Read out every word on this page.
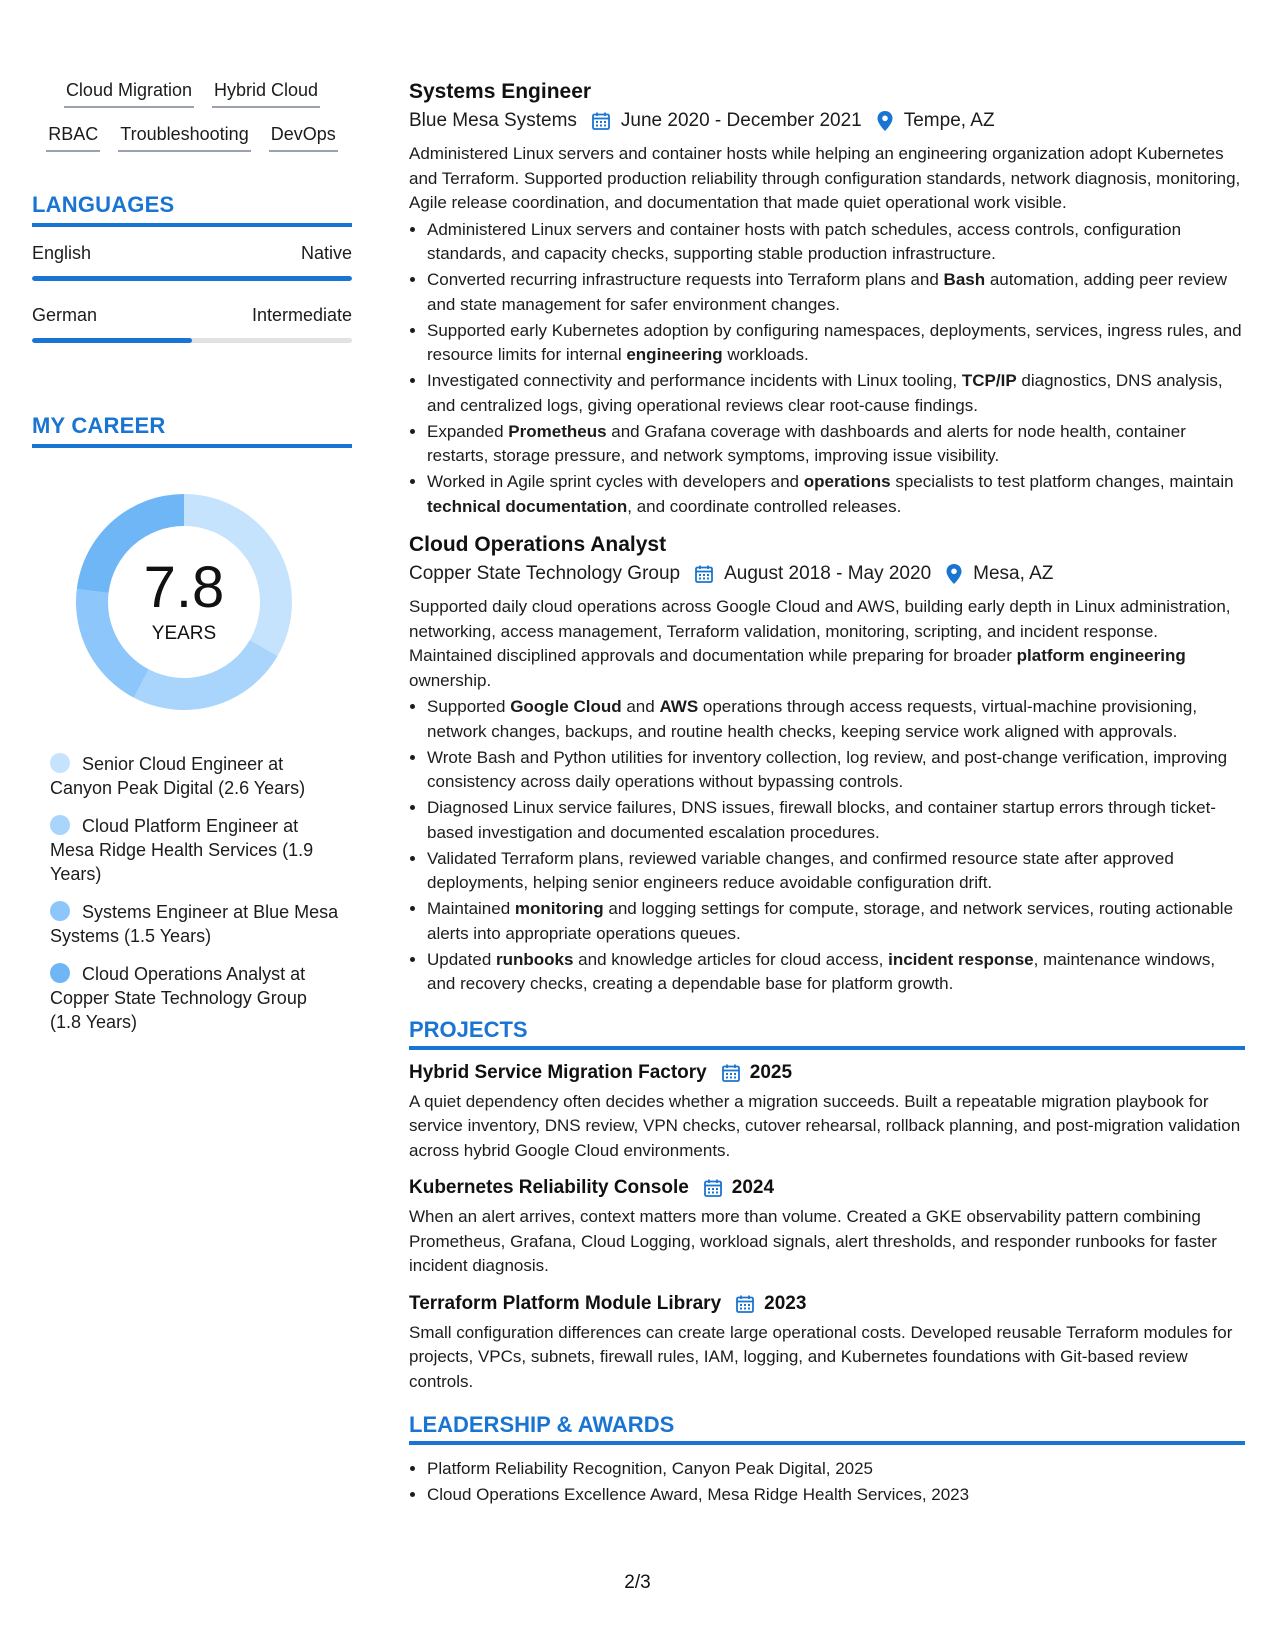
Cloud Migration Hybrid Cloud
RBAC Troubleshooting DevOps
LANGUAGES
English	Native
German	Intermediate
MY CAREER
7.8
YEARS
Senior Cloud Engineer at Canyon Peak Digital (2.6 Years)
Cloud Platform Engineer at Mesa Ridge Health Services (1.9 Years)
Systems Engineer at Blue Mesa Systems (1.5 Years)
Cloud Operations Analyst at Copper State Technology Group (1.8 Years)
Systems Engineer
Blue Mesa Systems June 2020 - December 2021 Tempe, AZ
Administered Linux servers and container hosts while helping an engineering organization adopt Kubernetes and Terraform. Supported production reliability through configuration standards, network diagnosis, monitoring, Agile release coordination, and documentation that made quiet operational work visible.
• Administered Linux servers and container hosts with patch schedules, access controls, configuration standards, and capacity checks, supporting stable production infrastructure.
• Converted recurring infrastructure requests into Terraform plans and Bash automation, adding peer review and state management for safer environment changes.
• Supported early Kubernetes adoption by configuring namespaces, deployments, services, ingress rules, and resource limits for internal engineering workloads.
• Investigated connectivity and performance incidents with Linux tooling, TCP/IP diagnostics, DNS analysis, and centralized logs, giving operational reviews clear root-cause findings.
• Expanded Prometheus and Grafana coverage with dashboards and alerts for node health, container restarts, storage pressure, and network symptoms, improving issue visibility.
• Worked in Agile sprint cycles with developers and operations specialists to test platform changes, maintain technical documentation, and coordinate controlled releases.
Cloud Operations Analyst
Copper State Technology Group August 2018 - May 2020 Mesa, AZ
Supported daily cloud operations across Google Cloud and AWS, building early depth in Linux administration, networking, access management, Terraform validation, monitoring, scripting, and incident response. Maintained disciplined approvals and documentation while preparing for broader platform engineering ownership.
• Supported Google Cloud and AWS operations through access requests, virtual-machine provisioning, network changes, backups, and routine health checks, keeping service work aligned with approvals.
• Wrote Bash and Python utilities for inventory collection, log review, and post-change verification, improving consistency across daily operations without bypassing controls.
• Diagnosed Linux service failures, DNS issues, firewall blocks, and container startup errors through ticket-based investigation and documented escalation procedures.
• Validated Terraform plans, reviewed variable changes, and confirmed resource state after approved deployments, helping senior engineers reduce avoidable configuration drift.
• Maintained monitoring and logging settings for compute, storage, and network services, routing actionable alerts into appropriate operations queues.
• Updated runbooks and knowledge articles for cloud access, incident response, maintenance windows, and recovery checks, creating a dependable base for platform growth.
PROJECTS
Hybrid Service Migration Factory 2025
A quiet dependency often decides whether a migration succeeds. Built a repeatable migration playbook for service inventory, DNS review, VPN checks, cutover rehearsal, rollback planning, and post-migration validation across hybrid Google Cloud environments.
Kubernetes Reliability Console 2024
When an alert arrives, context matters more than volume. Created a GKE observability pattern combining Prometheus, Grafana, Cloud Logging, workload signals, alert thresholds, and responder runbooks for faster incident diagnosis.
Terraform Platform Module Library 2023
Small configuration differences can create large operational costs. Developed reusable Terraform modules for projects, VPCs, subnets, firewall rules, IAM, logging, and Kubernetes foundations with Git-based review controls.
LEADERSHIP & AWARDS
• Platform Reliability Recognition, Canyon Peak Digital, 2025
• Cloud Operations Excellence Award, Mesa Ridge Health Services, 2023
2/3
